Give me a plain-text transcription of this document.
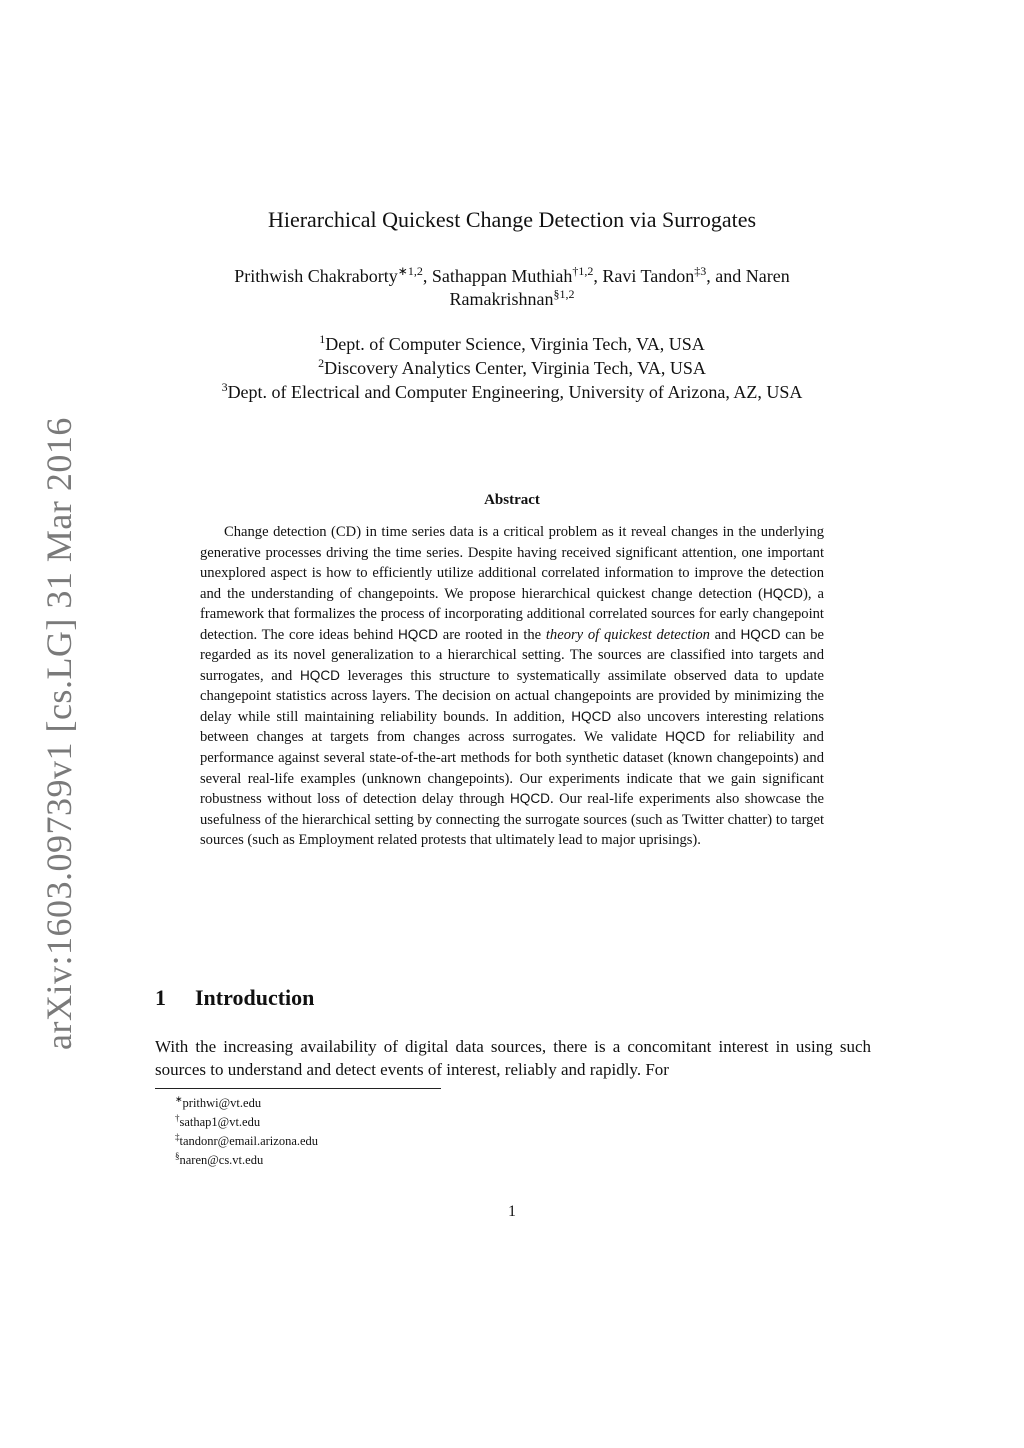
arXiv:1603.09739v1 [cs.LG] 31 Mar 2016
Hierarchical Quickest Change Detection via Surrogates
Prithwish Chakraborty$^{∗1,2}$, Sathappan Muthiah$^{\dagger 1,2}$, Ravi Tandon$^{\ddagger 3}$, and Naren
Ramakrishnan$^{\S 1,2}$
$^1$Dept. of Computer Science, Virginia Tech, VA, USA
$^2$Discovery Analytics Center, Virginia Tech, VA, USA
$^3$Dept. of Electrical and Computer Engineering, University of Arizona, AZ, USA
Abstract
Change detection (CD) in time series data is a critical problem as it reveal changes in the underlying generative processes driving the time series. Despite having received significant attention, one important unexplored aspect is how to efficiently utilize additional correlated information to improve the detection and the understanding of changepoints. We propose hierarchical quickest change detection (HQCD), a framework that formalizes the process of incorporating additional correlated sources for early changepoint detection. The core ideas behind HQCD are rooted in the theory of quickest detection and HQCD can be regarded as its novel generalization to a hierarchical setting. The sources are classified into targets and surrogates, and HQCD leverages this structure to systematically assimilate observed data to update changepoint statistics across layers. The decision on actual changepoints are provided by minimizing the delay while still maintaining reliability bounds. In addition, HQCD also uncovers interesting relations between changes at targets from changes across surrogates. We validate HQCD for reliability and performance against several state-of-the-art methods for both synthetic dataset (known changepoints) and several real-life examples (unknown changepoints). Our experiments indicate that we gain significant robustness without loss of detection delay through HQCD. Our real-life experiments also showcase the usefulness of the hierarchical setting by connecting the surrogate sources (such as Twitter chatter) to target sources (such as Employment related protests that ultimately lead to major uprisings).
1 Introduction
With the increasing availability of digital data sources, there is a concomitant interest in using such sources to understand and detect events of interest, reliably and rapidly. For
∗prithwi@vt.edu
†sathap1@vt.edu
‡tandonr@email.arizona.edu
§naren@cs.vt.edu
1
